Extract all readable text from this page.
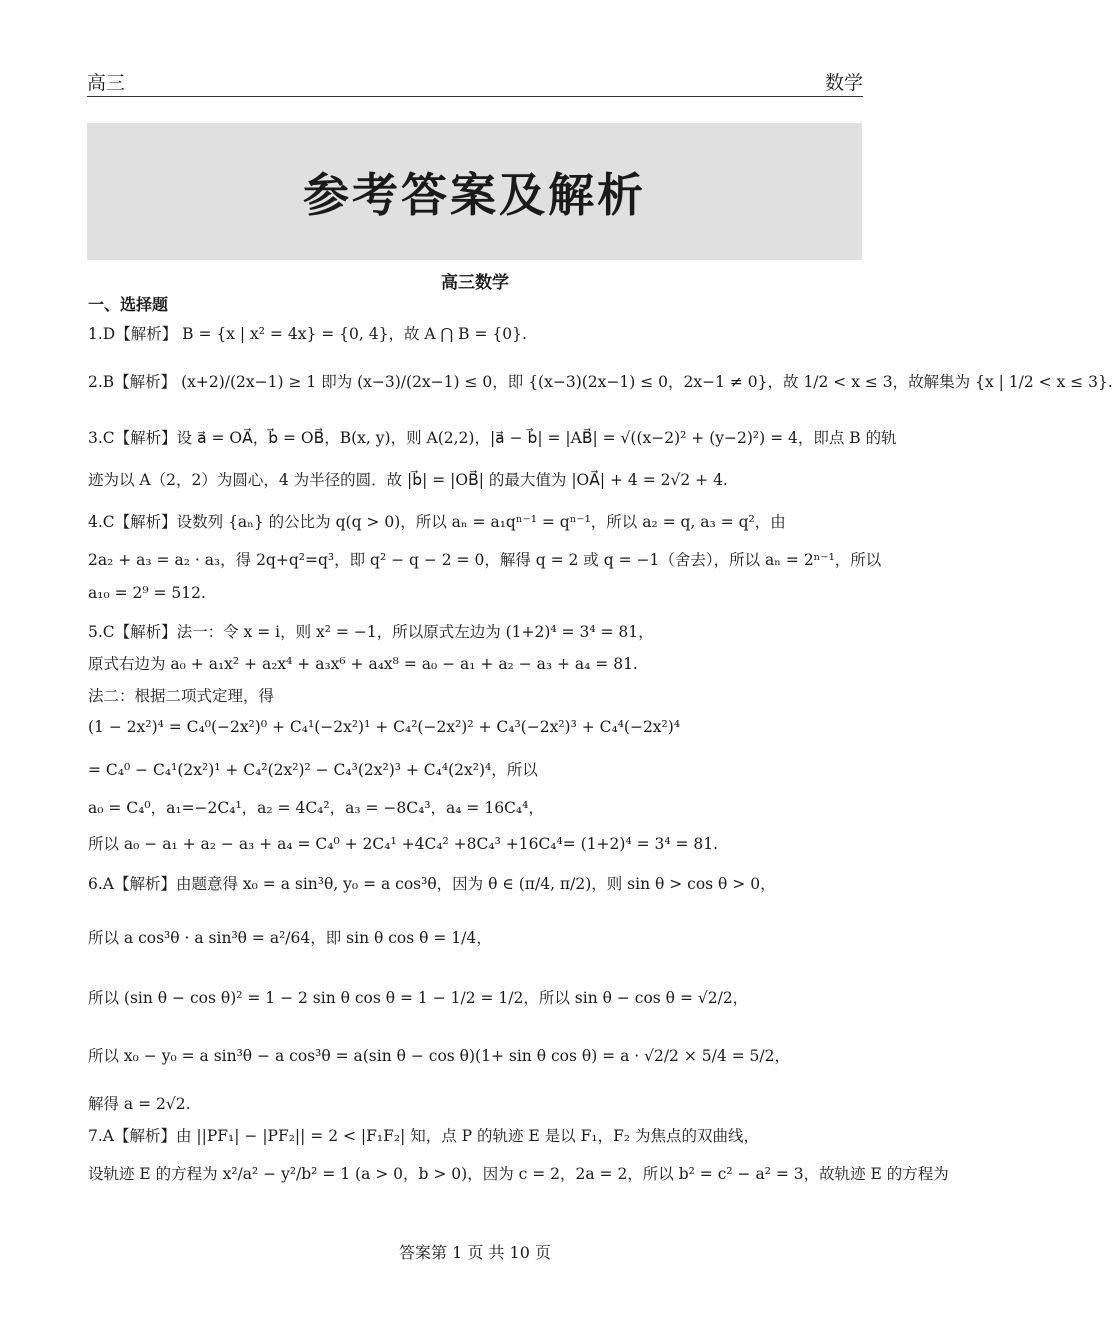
高三	数学
参考答案及解析
高三数学
一、选择题
1.D【解析】 B = {x | x² = 4x} = {0, 4}，故 A ⋂ B = {0}.
2.B【解析】 (x+2)/(2x−1) ≥ 1 即为 (x−3)/(2x−1) ≤ 0，即 {(x−3)(2x−1) ≤ 0，2x−1 ≠ 0}，故 1/2 < x ≤ 3，故解集为 {x | 1/2 < x ≤ 3}.
3.C【解析】设 a⃗ = OA⃗，b⃗ = OB⃗，B(x, y)，则 A(2,2)，|a⃗ − b⃗| = |AB⃗| = √((x−2)² + (y−2)²) = 4，即点 B 的轨
迹为以 A（2，2）为圆心，4 为半径的圆．故 |b⃗| = |OB⃗| 的最大值为 |OA⃗| + 4 = 2√2 + 4.
4.C【解析】设数列 {aₙ} 的公比为 q(q > 0)，所以 aₙ = a₁qⁿ⁻¹ = qⁿ⁻¹，所以 a₂ = q, a₃ = q²，由
2a₂ + a₃ = a₂ · a₃，得 2q+q²=q³，即 q² − q − 2 = 0，解得 q = 2 或 q = −1（舍去），所以 aₙ = 2ⁿ⁻¹，所以
a₁₀ = 2⁹ = 512.
5.C【解析】法一：令 x = i，则 x² = −1，所以原式左边为 (1+2)⁴ = 3⁴ = 81，
原式右边为 a₀ + a₁x² + a₂x⁴ + a₃x⁶ + a₄x⁸ = a₀ − a₁ + a₂ − a₃ + a₄ = 81.
法二：根据二项式定理，得
(1 − 2x²)⁴ = C₄⁰(−2x²)⁰ + C₄¹(−2x²)¹ + C₄²(−2x²)² + C₄³(−2x²)³ + C₄⁴(−2x²)⁴
= C₄⁰ − C₄¹(2x²)¹ + C₄²(2x²)² − C₄³(2x²)³ + C₄⁴(2x²)⁴，所以
a₀ = C₄⁰，a₁=−2C₄¹，a₂ = 4C₄²，a₃ = −8C₄³，a₄ = 16C₄⁴，
所以 a₀ − a₁ + a₂ − a₃ + a₄ = C₄⁰ + 2C₄¹ +4C₄² +8C₄³ +16C₄⁴= (1+2)⁴ = 3⁴ = 81.
6.A【解析】由题意得 x₀ = a sin³θ, y₀ = a cos³θ，因为 θ ∈ (π/4, π/2)，则 sin θ > cos θ > 0，
所以 a cos³θ · a sin³θ = a²/64，即 sin θ cos θ = 1/4，
所以 (sin θ − cos θ)² = 1 − 2 sin θ cos θ = 1 − 1/2 = 1/2，所以 sin θ − cos θ = √2/2，
所以 x₀ − y₀ = a sin³θ − a cos³θ = a(sin θ − cos θ)(1+ sin θ cos θ) = a · √2/2 × 5/4 = 5/2，
解得 a = 2√2.
7.A【解析】由 ||PF₁| − |PF₂|| = 2 < |F₁F₂| 知，点 P 的轨迹 E 是以 F₁，F₂ 为焦点的双曲线，
设轨迹 E 的方程为 x²/a² − y²/b² = 1 (a > 0，b > 0)，因为 c = 2，2a = 2，所以 b² = c² − a² = 3，故轨迹 E 的方程为
答案第 1 页 共 10 页
